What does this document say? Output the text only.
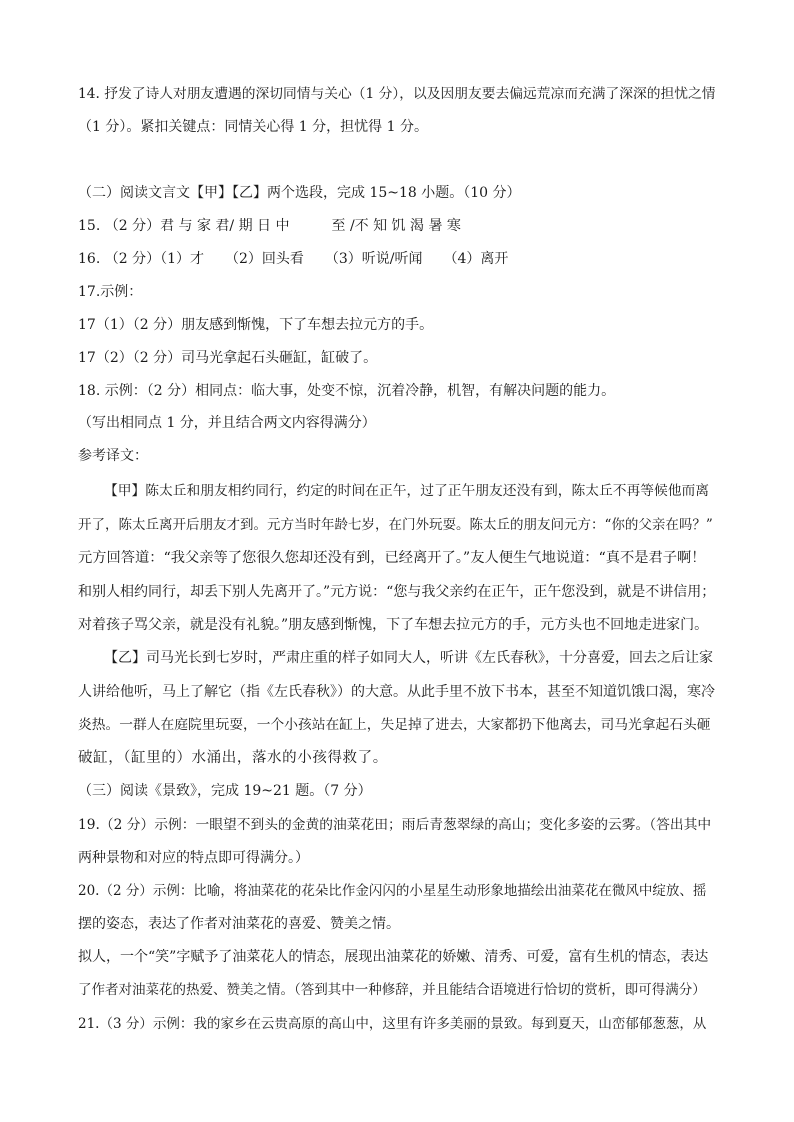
14. 抒发了诗人对朋友遭遇的深切同情与关心（1 分），以及因朋友要去偏远荒凉而充满了深深的担忧之情
（1 分）。紧扣关键点：同情关心得 1 分，担忧得 1 分。
（二）阅读文言文【甲】【乙】两个选段，完成 15~18 小题。（10 分）
15. （2 分）君 与 家 君/ 期 日 中　　　至 /不 知 饥 渴 暑 寒
16. （2 分）（1）才　　（2）回头看　　（3）听说/听闻　　（4）离开
17.示例：
17（1）（2 分）朋友感到惭愧，下了车想去拉元方的手。
17（2）（2 分）司马光拿起石头砸缸，缸破了。
18. 示例：（2 分）相同点：临大事，处变不惊，沉着冷静，机智，有解决问题的能力。
（写出相同点 1 分，并且结合两文内容得满分）
参考译文：
【甲】陈太丘和朋友相约同行，约定的时间在正午，过了正午朋友还没有到，陈太丘不再等候他而离
开了，陈太丘离开后朋友才到。元方当时年龄七岁，在门外玩耍。陈太丘的朋友问元方：“你的父亲在吗？”
元方回答道：“我父亲等了您很久您却还没有到，已经离开了。”友人便生气地说道：“真不是君子啊！
和别人相约同行，却丢下别人先离开了。”元方说：“您与我父亲约在正午，正午您没到，就是不讲信用；
对着孩子骂父亲，就是没有礼貌。”朋友感到惭愧，下了车想去拉元方的手，元方头也不回地走进家门。
【乙】司马光长到七岁时，严肃庄重的样子如同大人，听讲《左氏春秋》，十分喜爱，回去之后让家
人讲给他听，马上了解它（指《左氏春秋》）的大意。从此手里不放下书本，甚至不知道饥饿口渴，寒冷
炎热。一群人在庭院里玩耍，一个小孩站在缸上，失足掉了进去，大家都扔下他离去，司马光拿起石头砸
破缸，（缸里的）水涌出，落水的小孩得救了。
（三）阅读《景致》，完成 19~21 题。（7 分）
19.（2 分）示例：一眼望不到头的金黄的油菜花田；雨后青葱翠绿的高山；变化多姿的云雾。（答出其中
两种景物和对应的特点即可得满分。）
20.（2 分）示例：比喻，将油菜花的花朵比作金闪闪的小星星生动形象地描绘出油菜花在微风中绽放、摇
摆的姿态，表达了作者对油菜花的喜爱、赞美之情。
拟人，一个“笑”字赋予了油菜花人的情态，展现出油菜花的娇嫩、清秀、可爱，富有生机的情态，表达
了作者对油菜花的热爱、赞美之情。（答到其中一种修辞，并且能结合语境进行恰切的赏析，即可得满分）
21.（3 分）示例：我的家乡在云贵高原的高山中，这里有许多美丽的景致。每到夏天，山峦郁郁葱葱，从
